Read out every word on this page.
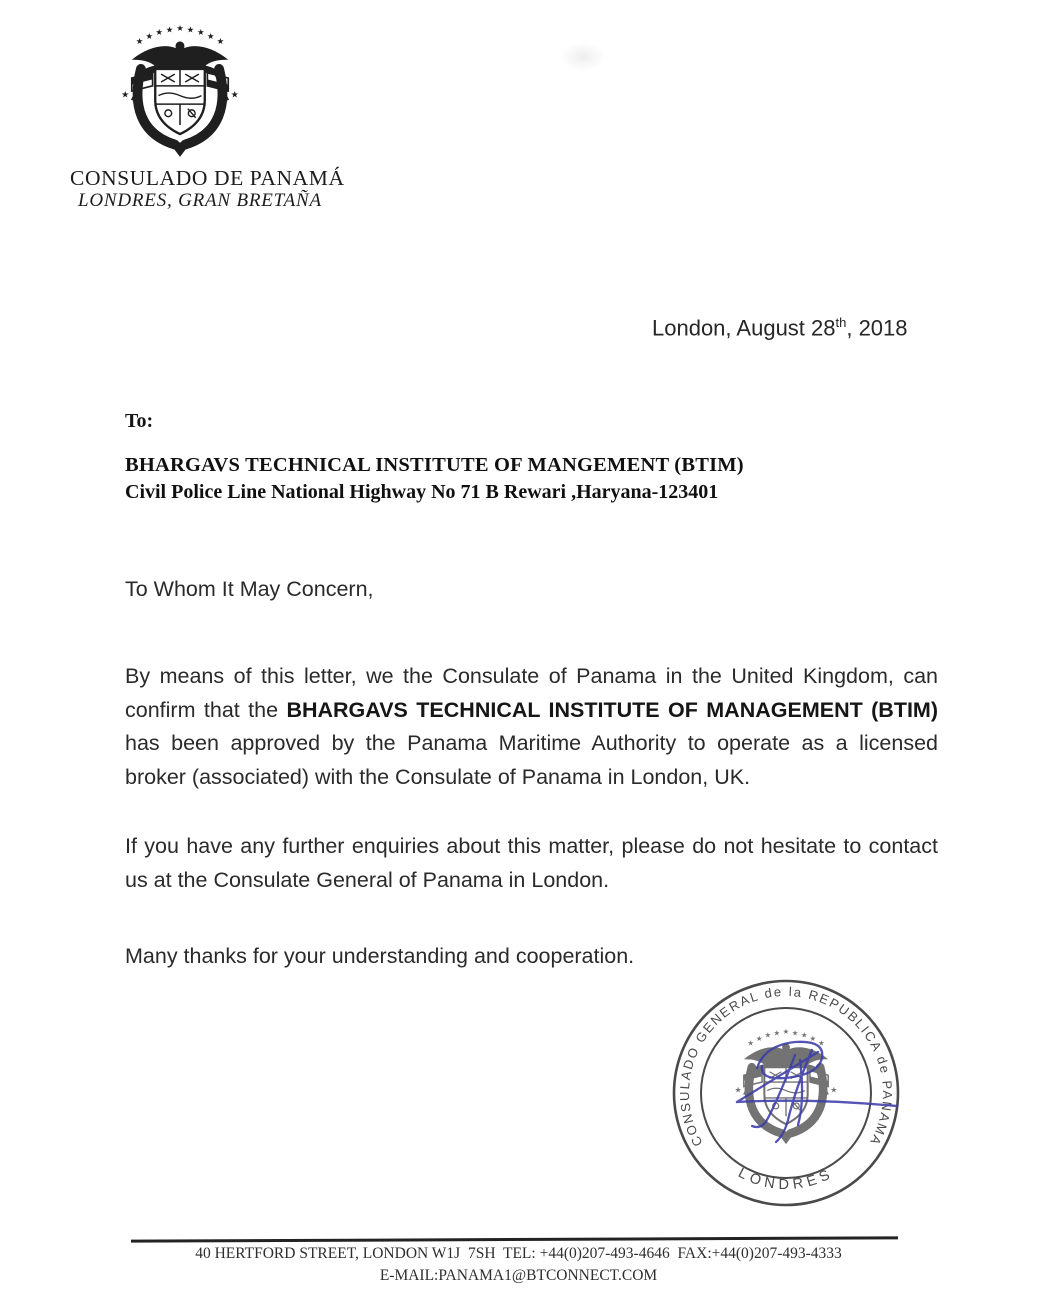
CONSULADO DE PANAMÁ
LONDRES, GRAN BRETAÑA
London, August 28th, 2018
To:
BHARGAVS TECHNICAL INSTITUTE OF MANGEMENT (BTIM)
Civil Police Line National Highway No 71 B Rewari ,Haryana-123401
To Whom It May Concern,
By means of this letter, we the Consulate of Panama in the United Kingdom, can confirm that the BHARGAVS TECHNICAL INSTITUTE OF MANAGEMENT (BTIM) has been approved by the Panama Maritime Authority to operate as a licensed broker (associated) with the Consulate of Panama in London, UK.
If you have any further enquiries about this matter, please do not hesitate to contact us at the Consulate General of Panama in London.
Many thanks for your understanding and cooperation.
CONSULADO GENERAL de la REPUBLICA de PANAMA
LONDRES
40 HERTFORD STREET, LONDON W1J  7SH  TEL: +44(0)207-493-4646  FAX:+44(0)207-493-4333
E-MAIL:PANAMA1@BTCONNECT.COM
